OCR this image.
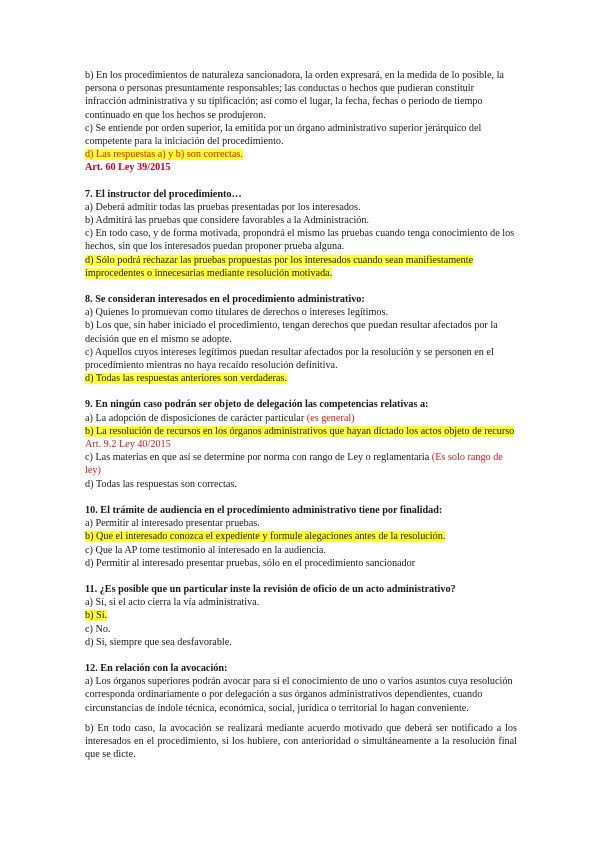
b) En los procedimientos de naturaleza sancionadora, la orden expresará, en la medida de lo posible, la persona o personas presuntamente responsables; las conductas o hechos que pudieran constituir infracción administrativa y su tipificación; así como el lugar, la fecha, fechas o periodo de tiempo continuado en que los hechos se produjeron.

c) Se entiende por orden superior, la emitida por un órgano administrativo superior jerárquico del competente para la iniciación del procedimiento.

d) Las respuestas a) y b) son correctas.

Art. 60 Ley 39/2015

7. El instructor del procedimiento…

a) Deberá admitir todas las pruebas presentadas por los interesados.

b) Admitirá las pruebas que considere favorables a la Administración.

c) En todo caso, y de forma motivada, propondrá el mismo las pruebas cuando tenga conocimiento de los hechos, sin que los interesados puedan proponer prueba alguna.

d) Sólo podrá rechazar las pruebas propuestas por los interesados cuando sean manifiestamente improcedentes o innecesarias mediante resolución motivada.

8. Se consideran interesados en el procedimiento administrativo:

a) Quienes lo promuevan como titulares de derechos o intereses legítimos.

b) Los que, sin haber iniciado el procedimiento, tengan derechos que puedan resultar afectados por la decisión que en el mismo se adopte.

c) Aquellos cuyos intereses legítimos puedan resultar afectados por la resolución y se personen en el procedimiento mientras no haya recaído resolución definitiva.

d) Todas las respuestas anteriores son verdaderas.

9. En ningún caso podrán ser objeto de delegación las competencias relativas a:

a) La adopción de disposiciones de carácter particular (es general)

b) La resolución de recursos en los órganos administrativos que hayan dictado los actos objeto de recurso

Art. 9.2 Ley 40/2015

c) Las materias en que así se determine por norma con rango de Ley o reglamentaria (Es solo rango de ley)

d) Todas las respuestas son correctas.

10. El trámite de audiencia en el procedimiento administrativo tiene por finalidad:

a) Permitir al interesado presentar pruebas.

b) Que el interesado conozca el expediente y formule alegaciones antes de la resolución.

c) Que la AP tome testimonio al interesado en la audiencia.

d) Permitir al interesado presentar pruebas, sólo en el procedimiento sancionador

11. ¿Es posible que un particular inste la revisión de oficio de un acto administrativo?

a) Sí, si el acto cierra la vía administrativa.

b) Sí.

c) No.

d) Sí, siempre que sea desfavorable.

12. En relación con la avocación:

a) Los órganos superiores podrán avocar para sí el conocimiento de uno o varios asuntos cuya resolución corresponda ordinariamente o por delegación a sus órganos administrativos dependientes, cuando circunstancias de índole técnica, económica, social, jurídica o territorial lo hagan conveniente.

b) En todo caso, la avocación se realizará mediante acuerdo motivado que deberá ser notificado a los interesados en el procedimiento, si los hubiere, con anterioridad o simultáneamente a la resolución final que se dicte.
